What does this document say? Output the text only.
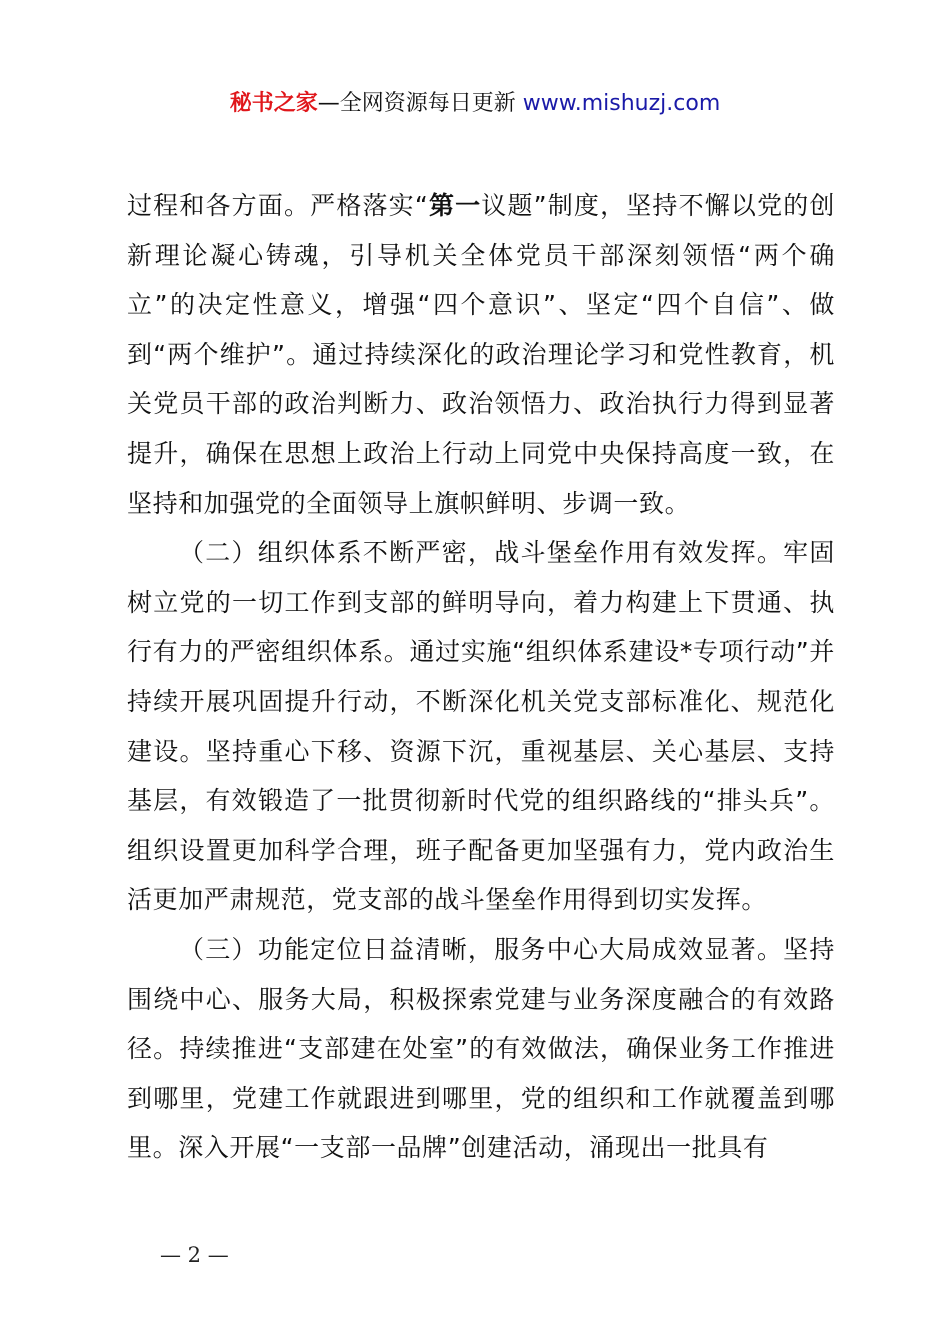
秘书之家—全网资源每日更新 www.mishuzj.com

过程和各方面。严格落实“第一议题”制度，坚持不懈以党的创新理论凝心铸魂，引导机关全体党员干部深刻领悟“两个确立”的决定性意义，增强“四个意识”、坚定“四个自信”、做到“两个维护”。通过持续深化的政治理论学习和党性教育，机关党员干部的政治判断力、政治领悟力、政治执行力得到显著提升，确保在思想上政治上行动上同党中央保持高度一致，在坚持和加强党的全面领导上旗帜鲜明、步调一致。

（二）组织体系不断严密，战斗堡垒作用有效发挥。牢固树立党的一切工作到支部的鲜明导向，着力构建上下贯通、执行有力的严密组织体系。通过实施“组织体系建设*专项行动”并持续开展巩固提升行动，不断深化机关党支部标准化、规范化建设。坚持重心下移、资源下沉，重视基层、关心基层、支持基层，有效锻造了一批贯彻新时代党的组织路线的“排头兵”。组织设置更加科学合理，班子配备更加坚强有力，党内政治生活更加严肃规范，党支部的战斗堡垒作用得到切实发挥。

（三）功能定位日益清晰，服务中心大局成效显著。坚持围绕中心、服务大局，积极探索党建与业务深度融合的有效路径。持续推进“支部建在处室”的有效做法，确保业务工作推进到哪里，党建工作就跟进到哪里，党的组织和工作就覆盖到哪里。深入开展“一支部一品牌”创建活动，涌现出一批具有

— 2 —
